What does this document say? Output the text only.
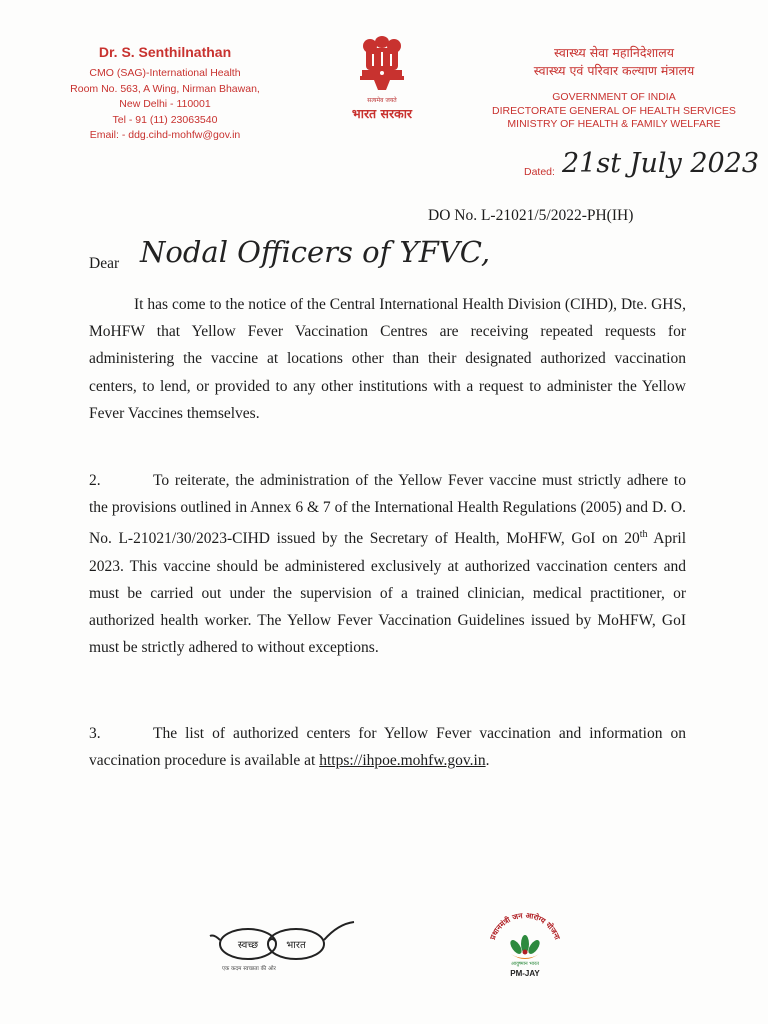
Dr. S. Senthilnathan
CMO (SAG)-International Health
Room No. 563, A Wing, Nirman Bhawan,
New Delhi - 110001
Tel - 91 (11) 23063540
Email: - ddg.cihd-mohfw@gov.in
सत्यमेव जयते
भारत सरकार
स्वास्थ्य सेवा महानिदेशालय
स्वास्थ्य एवं परिवार कल्याण मंत्रालय
GOVERNMENT OF INDIA
DIRECTORATE GENERAL OF HEALTH SERVICES
MINISTRY OF HEALTH & FAMILY WELFARE
Dated: 21st July 2023
DO No. L-21021/5/2022-PH(IH)
Dear Nodal Officers of YFVC,
It has come to the notice of the Central International Health Division (CIHD), Dte. GHS, MoHFW that Yellow Fever Vaccination Centres are receiving repeated requests for administering the vaccine at locations other than their designated authorized vaccination centers, to lend, or provided to any other institutions with a request to administer the Yellow Fever Vaccines themselves.
2.	To reiterate, the administration of the Yellow Fever vaccine must strictly adhere to the provisions outlined in Annex 6 & 7 of the International Health Regulations (2005) and D. O. No. L-21021/30/2023-CIHD issued by the Secretary of Health, MoHFW, GoI on 20th April 2023. This vaccine should be administered exclusively at authorized vaccination centers and must be carried out under the supervision of a trained clinician, medical practitioner, or authorized health worker. The Yellow Fever Vaccination Guidelines issued by MoHFW, GoI must be strictly adhered to without exceptions.
3.	The list of authorized centers for Yellow Fever vaccination and information on vaccination procedure is available at https://ihpoe.mohfw.gov.in.
स्वच्छ	भारत
एक कदम स्वच्छता की ओर
प्रधानमंत्री जन आरोग्य योजना
आयुष्मान भारत
PM-JAY
